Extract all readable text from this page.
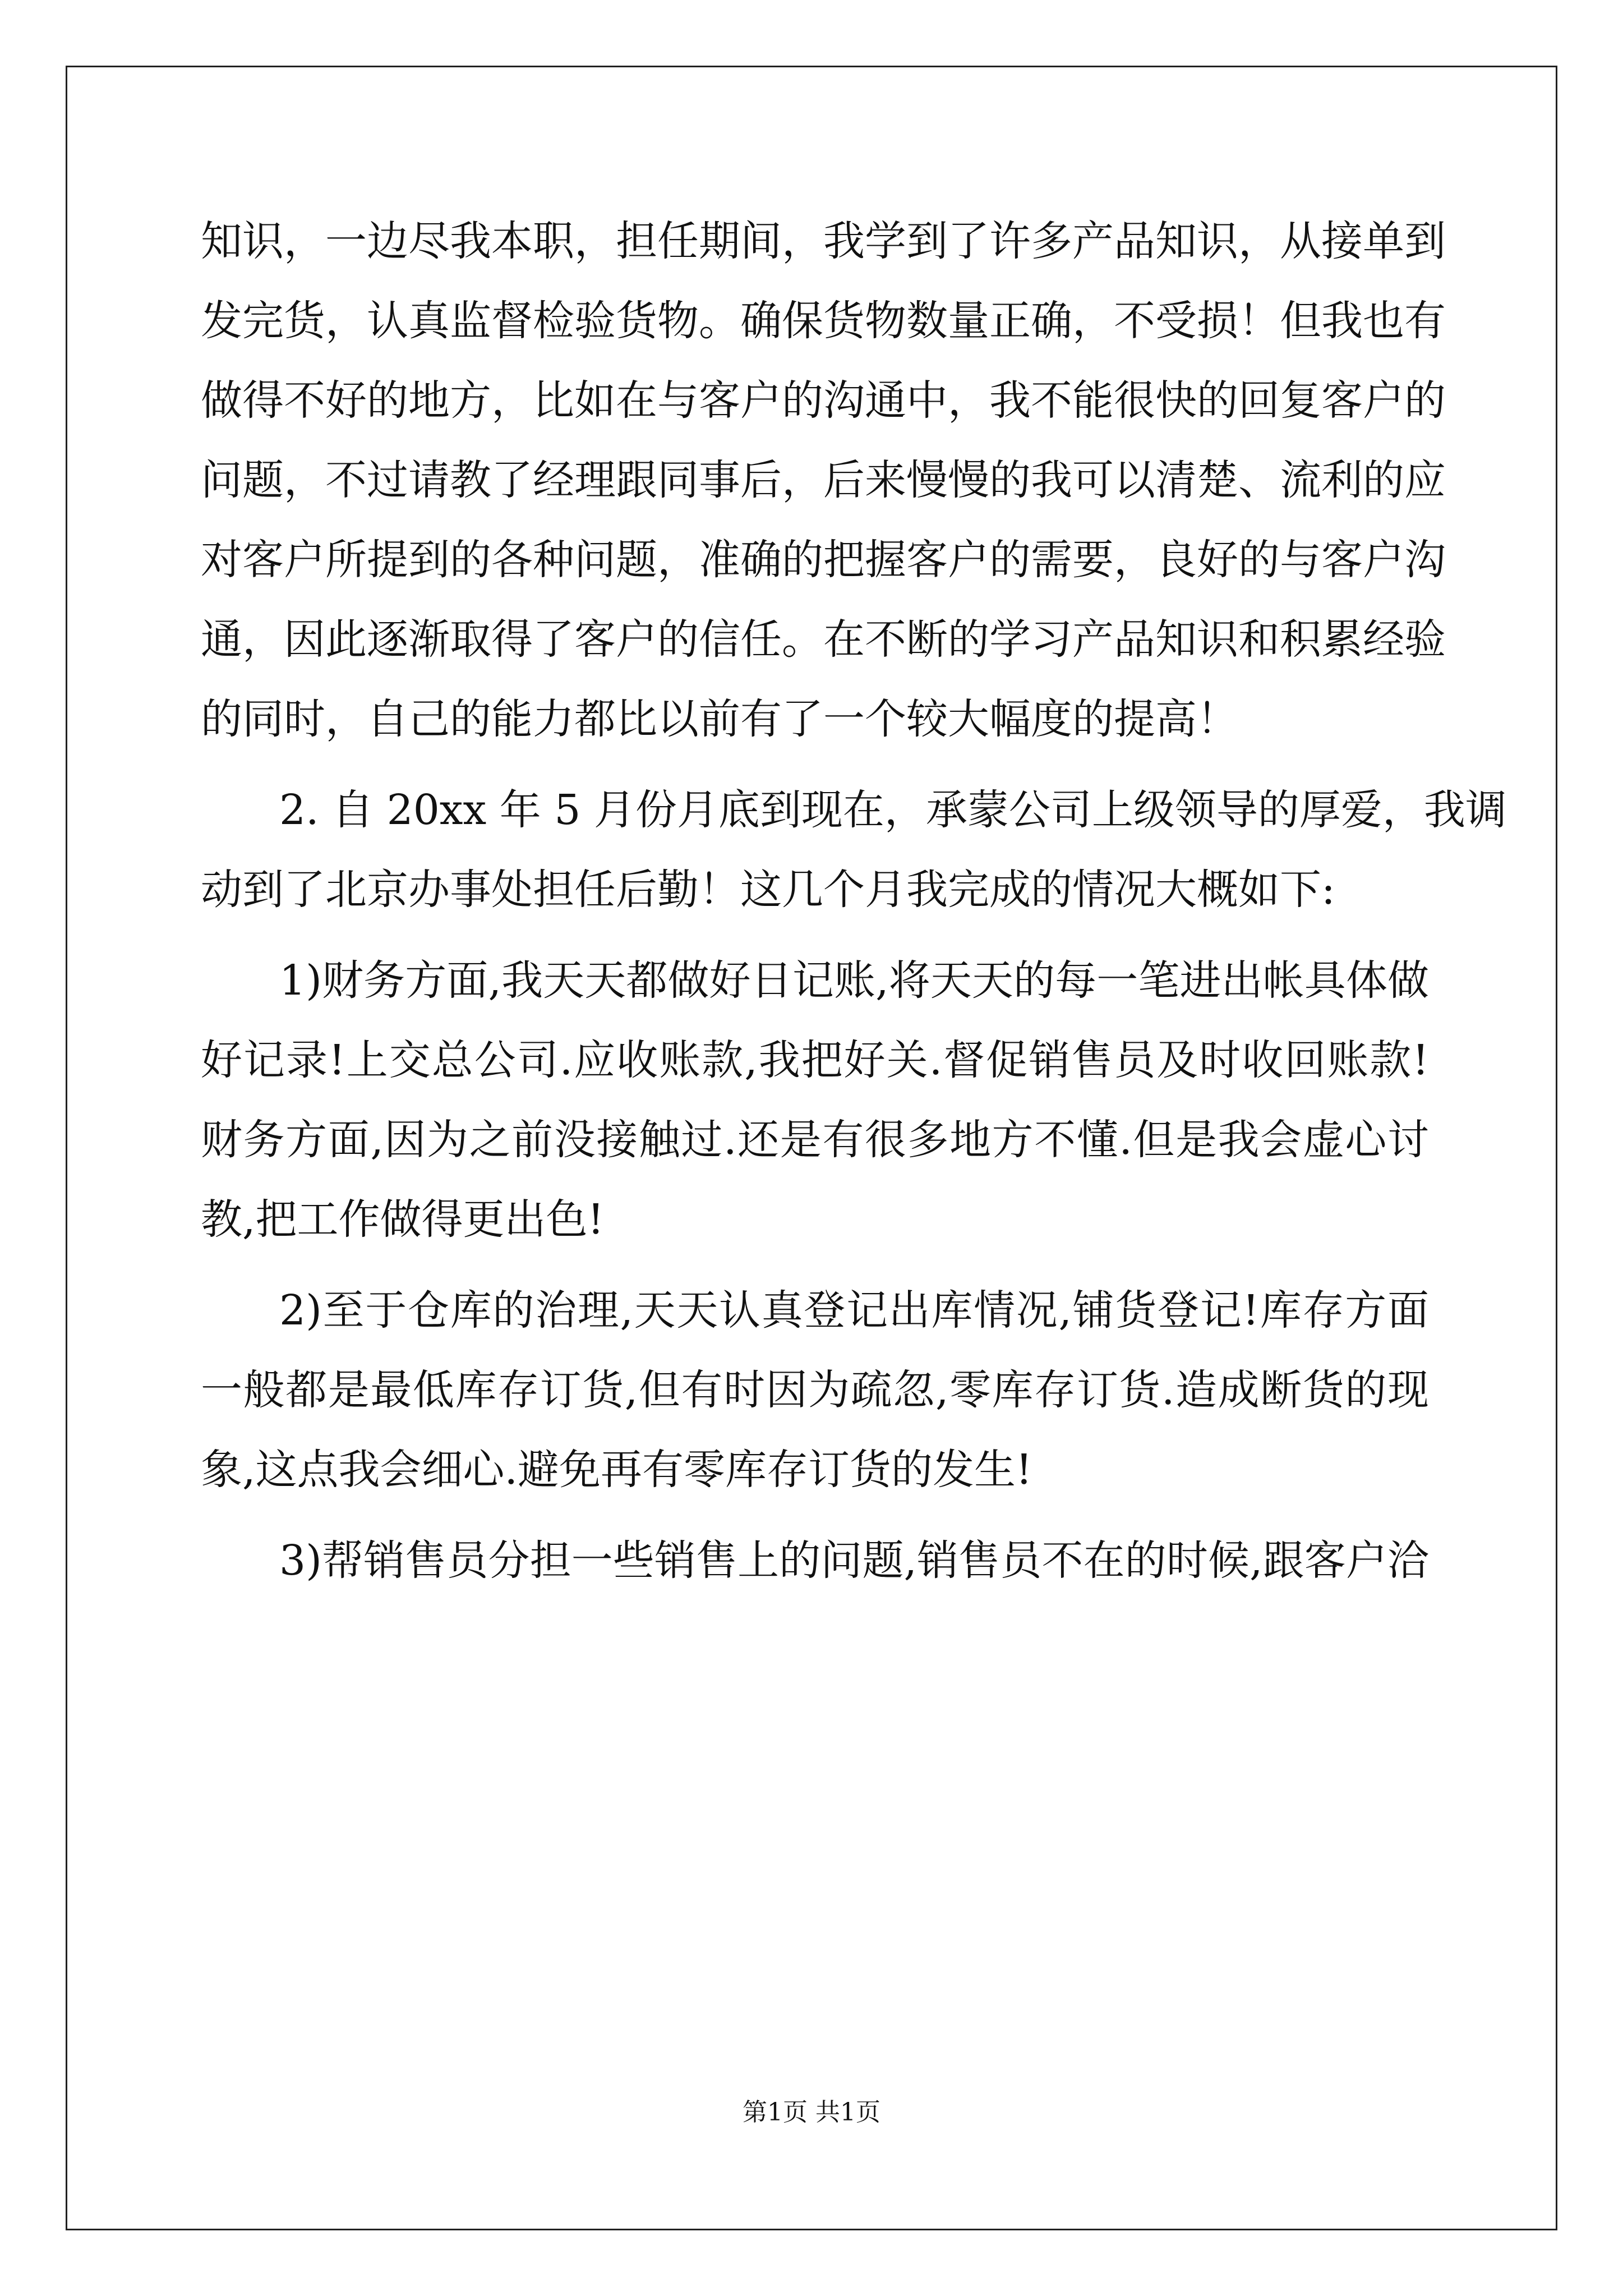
知识，一边尽我本职，担任期间，我学到了许多产品知识，从接单到
发完货，认真监督检验货物。确保货物数量正确，不受损！但我也有
做得不好的地方，比如在与客户的沟通中，我不能很快的回复客户的
问题，不过请教了经理跟同事后，后来慢慢的我可以清楚、流利的应
对客户所提到的各种问题，准确的把握客户的需要，良好的与客户沟
通，因此逐渐取得了客户的信任。在不断的学习产品知识和积累经验
的同时，自己的能力都比以前有了一个较大幅度的提高！
2. 自 20xx 年 5 月份月底到现在，承蒙公司上级领导的厚爱，我调
动到了北京办事处担任后勤！这几个月我完成的情况大概如下:
1)财务方面,我天天都做好日记账,将天天的每一笔进出帐具体做
好记录!上交总公司.应收账款,我把好关.督促销售员及时收回账款!
财务方面,因为之前没接触过.还是有很多地方不懂.但是我会虚心讨
教,把工作做得更出色!
2)至于仓库的治理,天天认真登记出库情况,铺货登记!库存方面
一般都是最低库存订货,但有时因为疏忽,零库存订货.造成断货的现
象,这点我会细心.避免再有零库存订货的发生!
3)帮销售员分担一些销售上的问题,销售员不在的时候,跟客户洽
第1页 共1页
